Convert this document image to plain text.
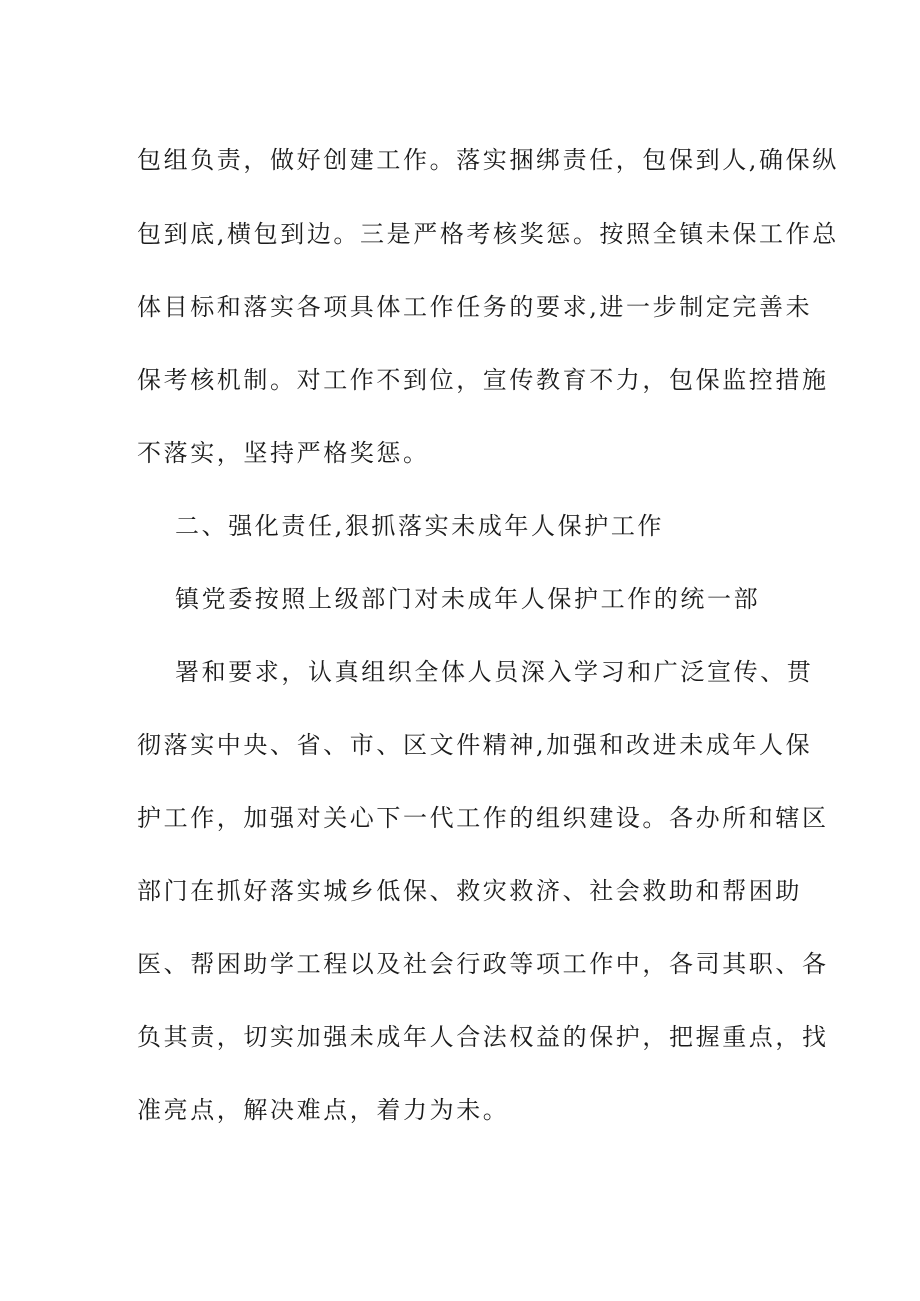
包组负责，做好创建工作。落实捆绑责任，包保到人,确保纵
包到底,横包到边。三是严格考核奖惩。按照全镇未保工作总
体目标和落实各项具体工作任务的要求,进一步制定完善未
保考核机制。对工作不到位，宣传教育不力，包保监控措施
不落实，坚持严格奖惩。
二、强化责任,狠抓落实未成年人保护工作
镇党委按照上级部门对未成年人保护工作的统一部
署和要求，认真组织全体人员深入学习和广泛宣传、贯
彻落实中央、省、市、区文件精神,加强和改进未成年人保
护工作，加强对关心下一代工作的组织建设。各办所和辖区
部门在抓好落实城乡低保、救灾救济、社会救助和帮困助
医、帮困助学工程以及社会行政等项工作中，各司其职、各
负其责，切实加强未成年人合法权益的保护，把握重点，找
准亮点，解决难点，着力为未。
